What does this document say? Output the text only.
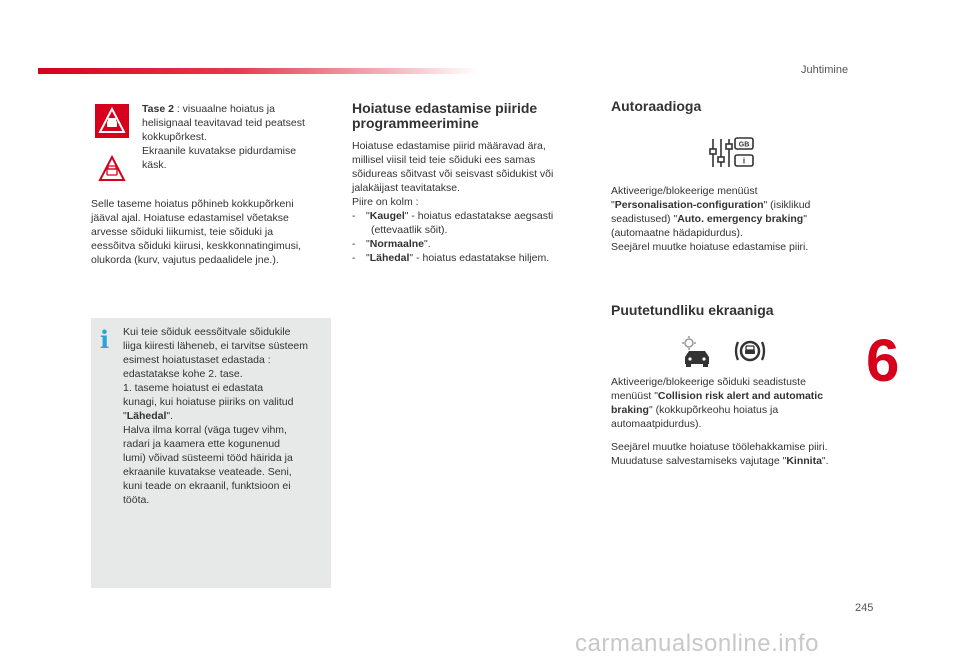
Juhtimine
6
245
Tase 2 : visuaalne hoiatus ja
helisignaal teavitavad teid peatsest
kokkupõrkest.
Ekraanile kuvatakse pidurdamise
käsk.
Selle taseme hoiatus põhineb kokkupõrkeni
jääval ajal. Hoiatuse edastamisel võetakse
arvesse sõiduki liikumist, teie sõiduki ja
eessõitva sõiduki kiirusi, keskkonnatingimusi,
olukorda (kurv, vajutus pedaalidele jne.).
i Kui teie sõiduk eessõitvale sõidukile
liiga kiiresti läheneb, ei tarvitse süsteem
esimest hoiatustaset edastada :
edastatakse kohe 2. tase.
1. taseme hoiatust ei edastata
kunagi, kui hoiatuse piiriks on valitud
"Lähedal".
Halva ilma korral (väga tugev vihm,
radari ja kaamera ette kogunenud
lumi) võivad süsteemi tööd häirida ja
ekraanile kuvatakse veateade. Seni,
kuni teade on ekraanil, funktsioon ei
tööta.
Hoiatuse edastamise piiride
programmeerimine
Hoiatuse edastamise piirid määravad ära,
millisel viisil teid teie sõiduki ees samas
sõidureas sõitvast või seisvast sõidukist või
jalakäijast teavitatakse.
Piire on kolm :
-	"Kaugel" - hoiatus edastatakse aegsasti
(ettevaatlik sõit).
-	"Normaalne".
-	"Lähedal" - hoiatus edastatakse hiljem.
Autoraadioga
GB
i
Aktiveerige/blokeerige menüüst
"Personalisation-configuration" (isiklikud
seadistused) "Auto. emergency braking"
(automaatne hädapidurdus).
Seejärel muutke hoiatuse edastamise piiri.
Puutetundliku ekraaniga
Aktiveerige/blokeerige sõiduki seadistuste
menüüst "Collision risk alert and automatic
braking" (kokkupõrkeohu hoiatus ja
automaatpidurdus).
Seejärel muutke hoiatuse töölehakkamise piiri.
Muudatuse salvestamiseks vajutage "Kinnita".
carmanualsonline.info
